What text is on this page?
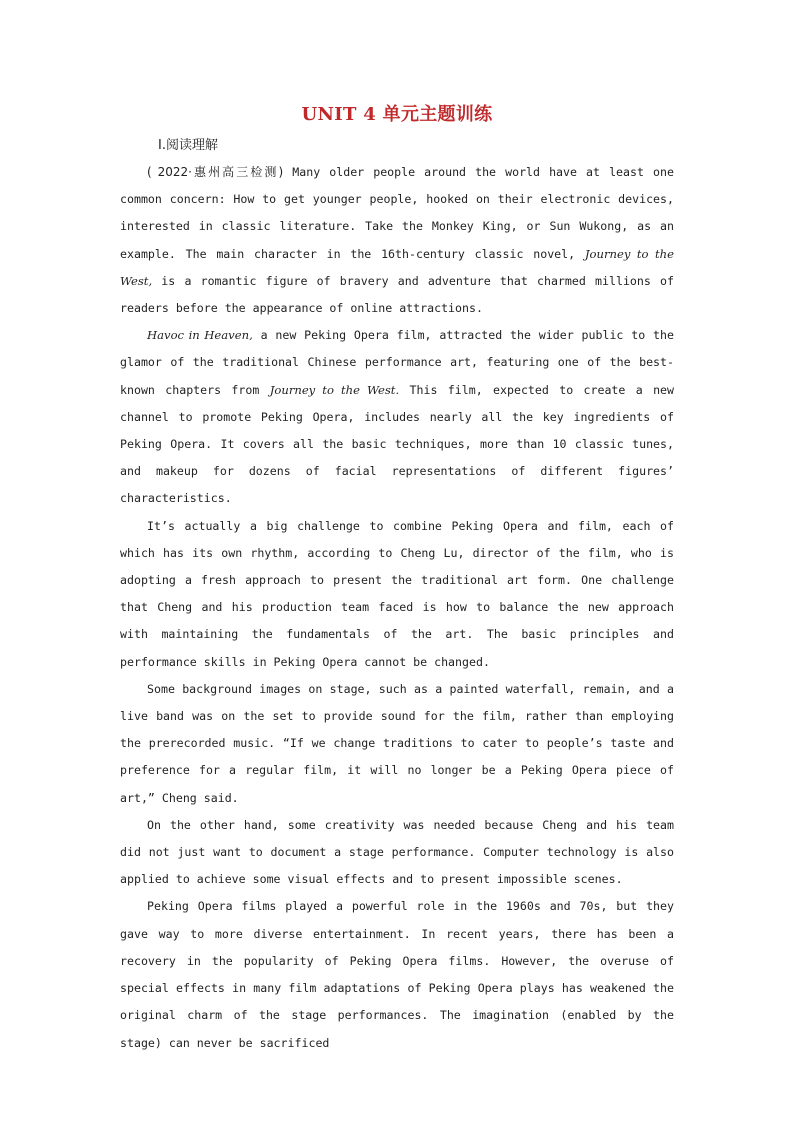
UNIT 4 单元主题训练
Ⅰ.阅读理解

( 2022·惠州高三检测) Many older people around the world have at least one common concern: How to get younger people, hooked on their electronic devices, interested in classic literature. Take the Monkey King, or Sun Wukong, as an example. The main character in the 16th-century classic novel, Journey to the West, is a romantic figure of bravery and adventure that charmed millions of readers before the appearance of online attractions.

Havoc in Heaven, a new Peking Opera film, attracted the wider public to the glamor of the traditional Chinese performance art, featuring one of the best-known chapters from Journey to the West. This film, expected to create a new channel to promote Peking Opera, includes nearly all the key ingredients of Peking Opera. It covers all the basic techniques, more than 10 classic tunes, and makeup for dozens of facial representations of different figures’ characteristics.

It’s actually a big challenge to combine Peking Opera and film, each of which has its own rhythm, according to Cheng Lu, director of the film, who is adopting a fresh approach to present the traditional art form. One challenge that Cheng and his production team faced is how to balance the new approach with maintaining the fundamentals of the art. The basic principles and performance skills in Peking Opera cannot be changed.

Some background images on stage, such as a painted waterfall, remain, and a live band was on the set to provide sound for the film, rather than employing the prerecorded music. “If we change traditions to cater to people’s taste and preference for a regular film, it will no longer be a Peking Opera piece of art,” Cheng said.

On the other hand, some creativity was needed because Cheng and his team did not just want to document a stage performance. Computer technology is also applied to achieve some visual effects and to present impossible scenes.

Peking Opera films played a powerful role in the 1960s and 70s, but they gave way to more diverse entertainment. In recent years, there has been a recovery in the popularity of Peking Opera films. However, the overuse of special effects in many film adaptations of Peking Opera plays has weakened the original charm of the stage performances. The imagination (enabled by the stage) can never be sacrificed
